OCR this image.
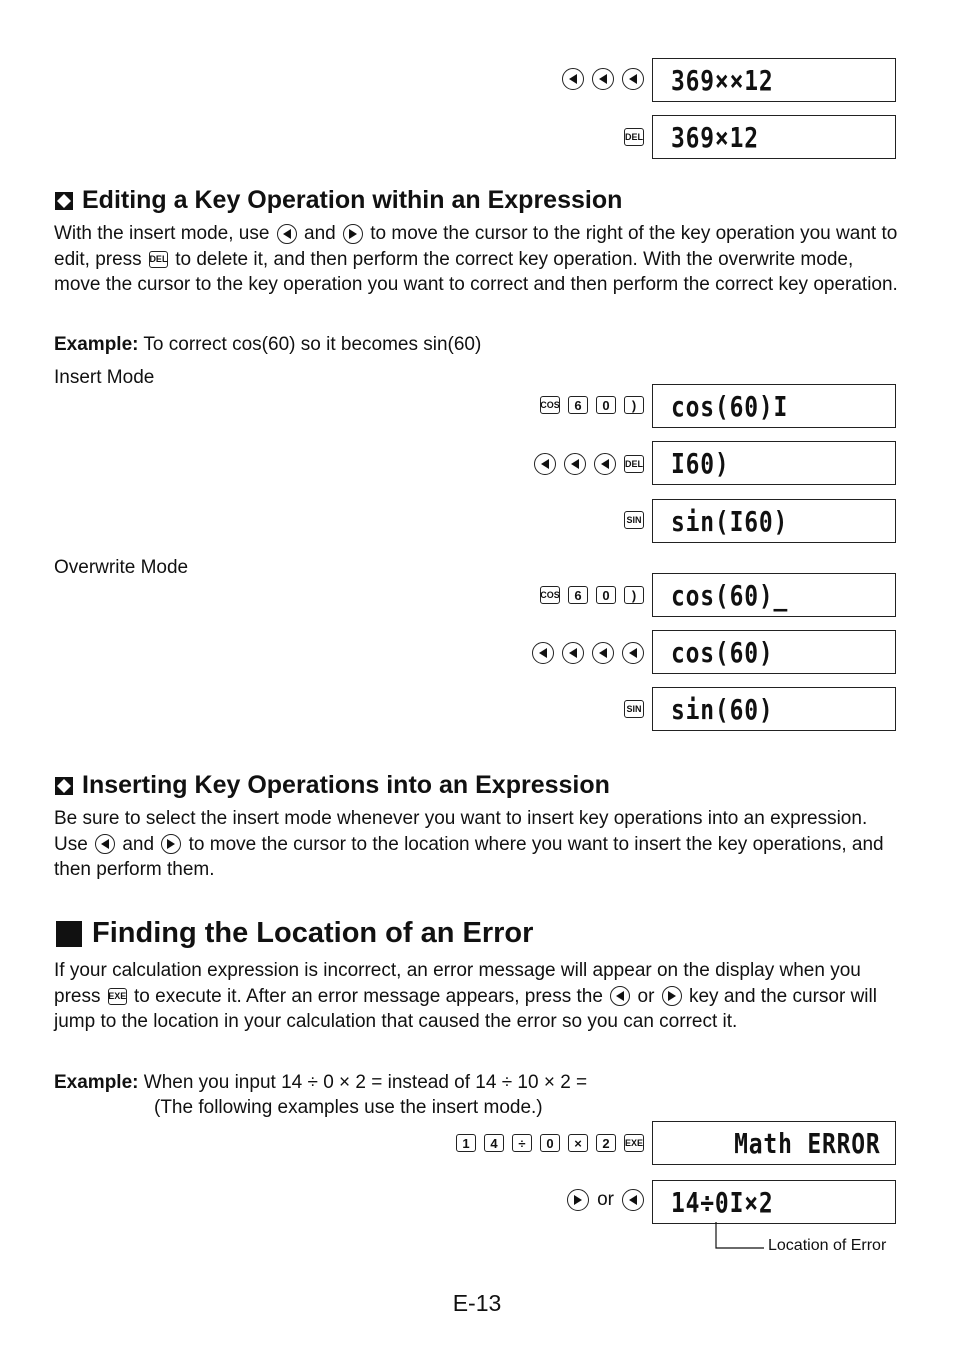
369××12
DEL	369×12
Editing a Key Operation within an Expression
With the insert mode, use and to move the cursor to the right of the key operation you want to edit, press DEL to delete it, and then perform the correct key operation. With the overwrite mode, move the cursor to the key operation you want to correct and then perform the correct key operation.
Example: To correct cos(60) so it becomes sin(60)
Insert Mode
COS	6	0	)	cos(60)I
DEL	I60)
SIN	sin(I60)
Overwrite Mode
COS	6	0	)	cos(60)_
cos(60)
SIN	sin(60)
Inserting Key Operations into an Expression
Be sure to select the insert mode whenever you want to insert key operations into an expression. Use and to move the cursor to the location where you want to insert the key operations, and then perform them.
Finding the Location of an Error
If your calculation expression is incorrect, an error message will appear on the display when you press EXE to execute it. After an error message appears, press the or key and the cursor will jump to the location in your calculation that caused the error so you can correct it.
Example: When you input 14 ÷ 0 × 2 = instead of 14 ÷ 10 × 2 =
(The following examples use the insert mode.)
1	4	÷	0	×	2	EXE	Math ERROR
or	14÷0I×2
Location of Error
E-13
